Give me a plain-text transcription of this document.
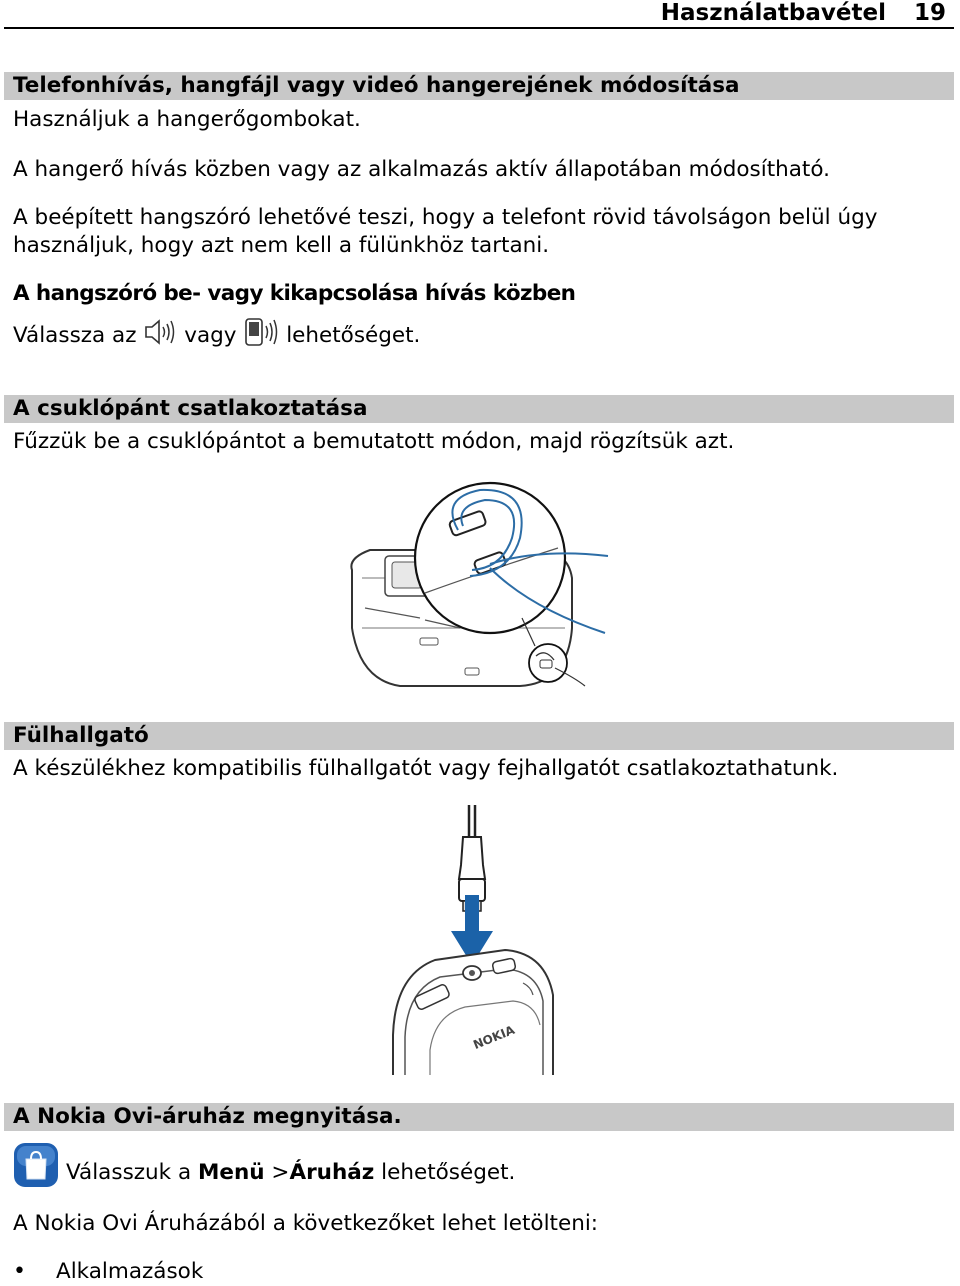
Használatbavétel 19
Telefonhívás, hangfájl vagy videó hangerejének módosítása
Használjuk a hangerőgombokat.
A hangerő hívás közben vagy az alkalmazás aktív állapotában módosítható.
A beépített hangszóró lehetővé teszi, hogy a telefont rövid távolságon belül úgy
használjuk, hogy azt nem kell a fülünkhöz tartani.
A hangszóró be- vagy kikapcsolása hívás közben
Válassza az vagy lehetőséget.
A csuklópánt csatlakoztatása
Fűzzük be a csuklópántot a bemutatott módon, majd rögzítsük azt.
Fülhallgató
A készülékhez kompatibilis fülhallgatót vagy fejhallgatót csatlakoztathatunk.
NOKIA
A Nokia Ovi-áruház megnyitása.
Válasszuk a Menü >Áruház lehetőséget.
A Nokia Ovi Áruházából a következőket lehet letölteni:
• Alkalmazások
